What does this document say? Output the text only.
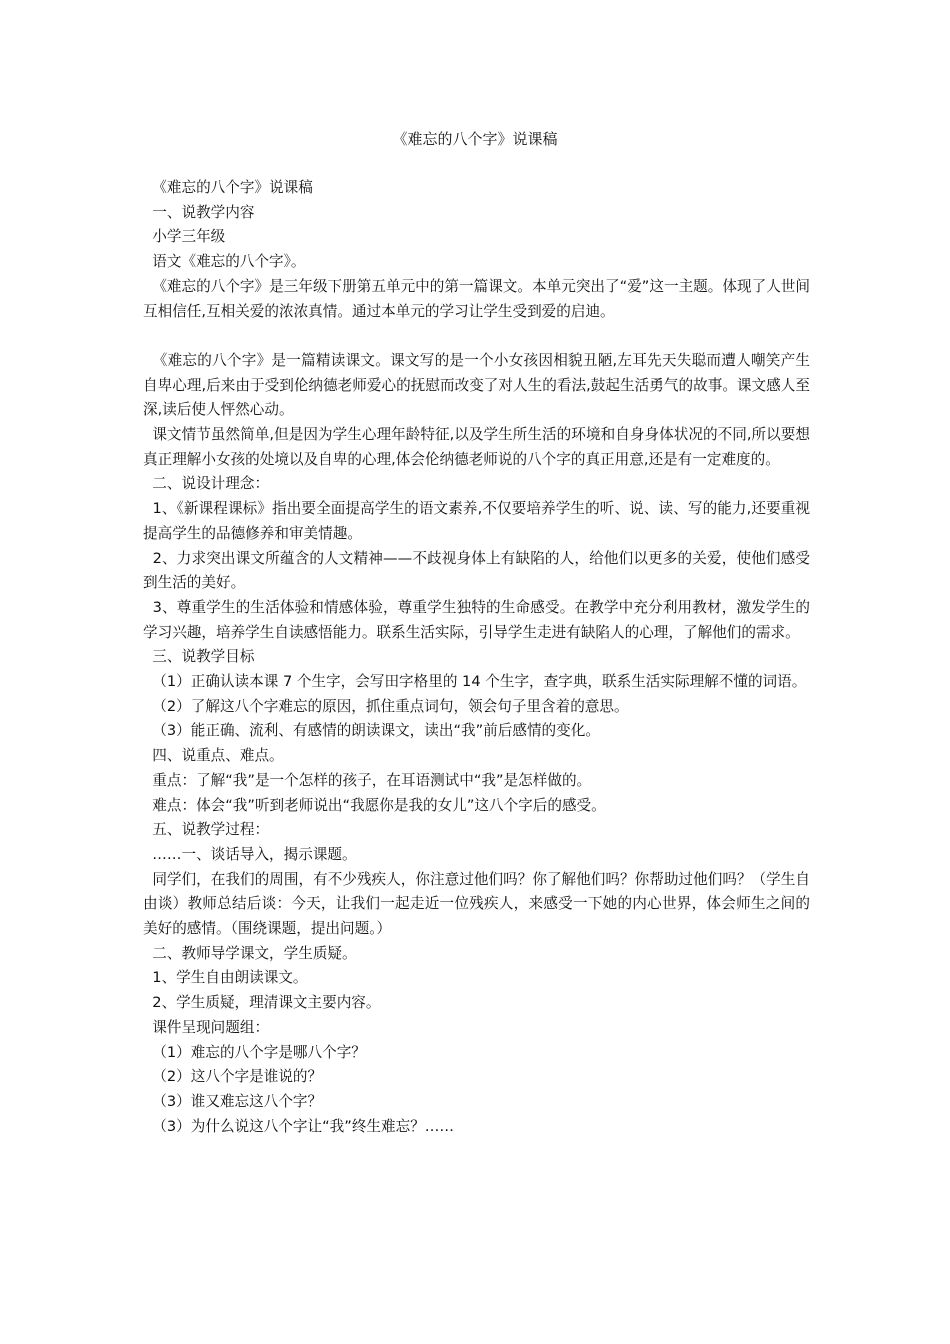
《难忘的八个字》说课稿

《难忘的八个字》说课稿

一、说教学内容

小学三年级

语文《难忘的八个字》。

《难忘的八个字》是三年级下册第五单元中的第一篇课文。本单元突出了“爱”这一主题。体现了人世间互相信任,互相关爱的浓浓真情。通过本单元的学习让学生受到爱的启迪。

《难忘的八个字》是一篇精读课文。课文写的是一个小女孩因相貌丑陋,左耳先天失聪而遭人嘲笑产生自卑心理,后来由于受到伦纳德老师爱心的抚慰而改变了对人生的看法,鼓起生活勇气的故事。课文感人至深,读后使人怦然心动。

课文情节虽然简单,但是因为学生心理年龄特征,以及学生所生活的环境和自身身体状况的不同,所以要想真正理解小女孩的处境以及自卑的心理,体会伦纳德老师说的八个字的真正用意,还是有一定难度的。

二、说设计理念：

1、《新课程课标》指出要全面提高学生的语文素养,不仅要培养学生的听、说、读、写的能力,还要重视提高学生的品德修养和审美情趣。

2、力求突出课文所蕴含的人文精神——不歧视身体上有缺陷的人，给他们以更多的关爱，使他们感受到生活的美好。

3、尊重学生的生活体验和情感体验，尊重学生独特的生命感受。在教学中充分利用教材，激发学生的学习兴趣，培养学生自读感悟能力。联系生活实际，引导学生走进有缺陷人的心理，了解他们的需求。

三、说教学目标

（1）正确认读本课 7 个生字，会写田字格里的 14 个生字，查字典，联系生活实际理解不懂的词语。

（2）了解这八个字难忘的原因，抓住重点词句，领会句子里含着的意思。

（3）能正确、流利、有感情的朗读课文，读出“我”前后感情的变化。

四、说重点、难点。

重点：了解“我”是一个怎样的孩子，在耳语测试中“我”是怎样做的。

难点：体会“我”听到老师说出“我愿你是我的女儿”这八个字后的感受。

五、说教学过程：

……一、谈话导入，揭示课题。

同学们，在我们的周围，有不少残疾人，你注意过他们吗？你了解他们吗？你帮助过他们吗？（学生自由谈）教师总结后谈：今天，让我们一起走近一位残疾人，来感受一下她的内心世界，体会师生之间的美好的感情。（围绕课题，提出问题。）

二、教师导学课文，学生质疑。

1、学生自由朗读课文。

2、学生质疑，理清课文主要内容。

课件呈现问题组：

（1）难忘的八个字是哪八个字？

（2）这八个字是谁说的？

（3）谁又难忘这八个字？

（3）为什么说这八个字让“我”终生难忘？……
